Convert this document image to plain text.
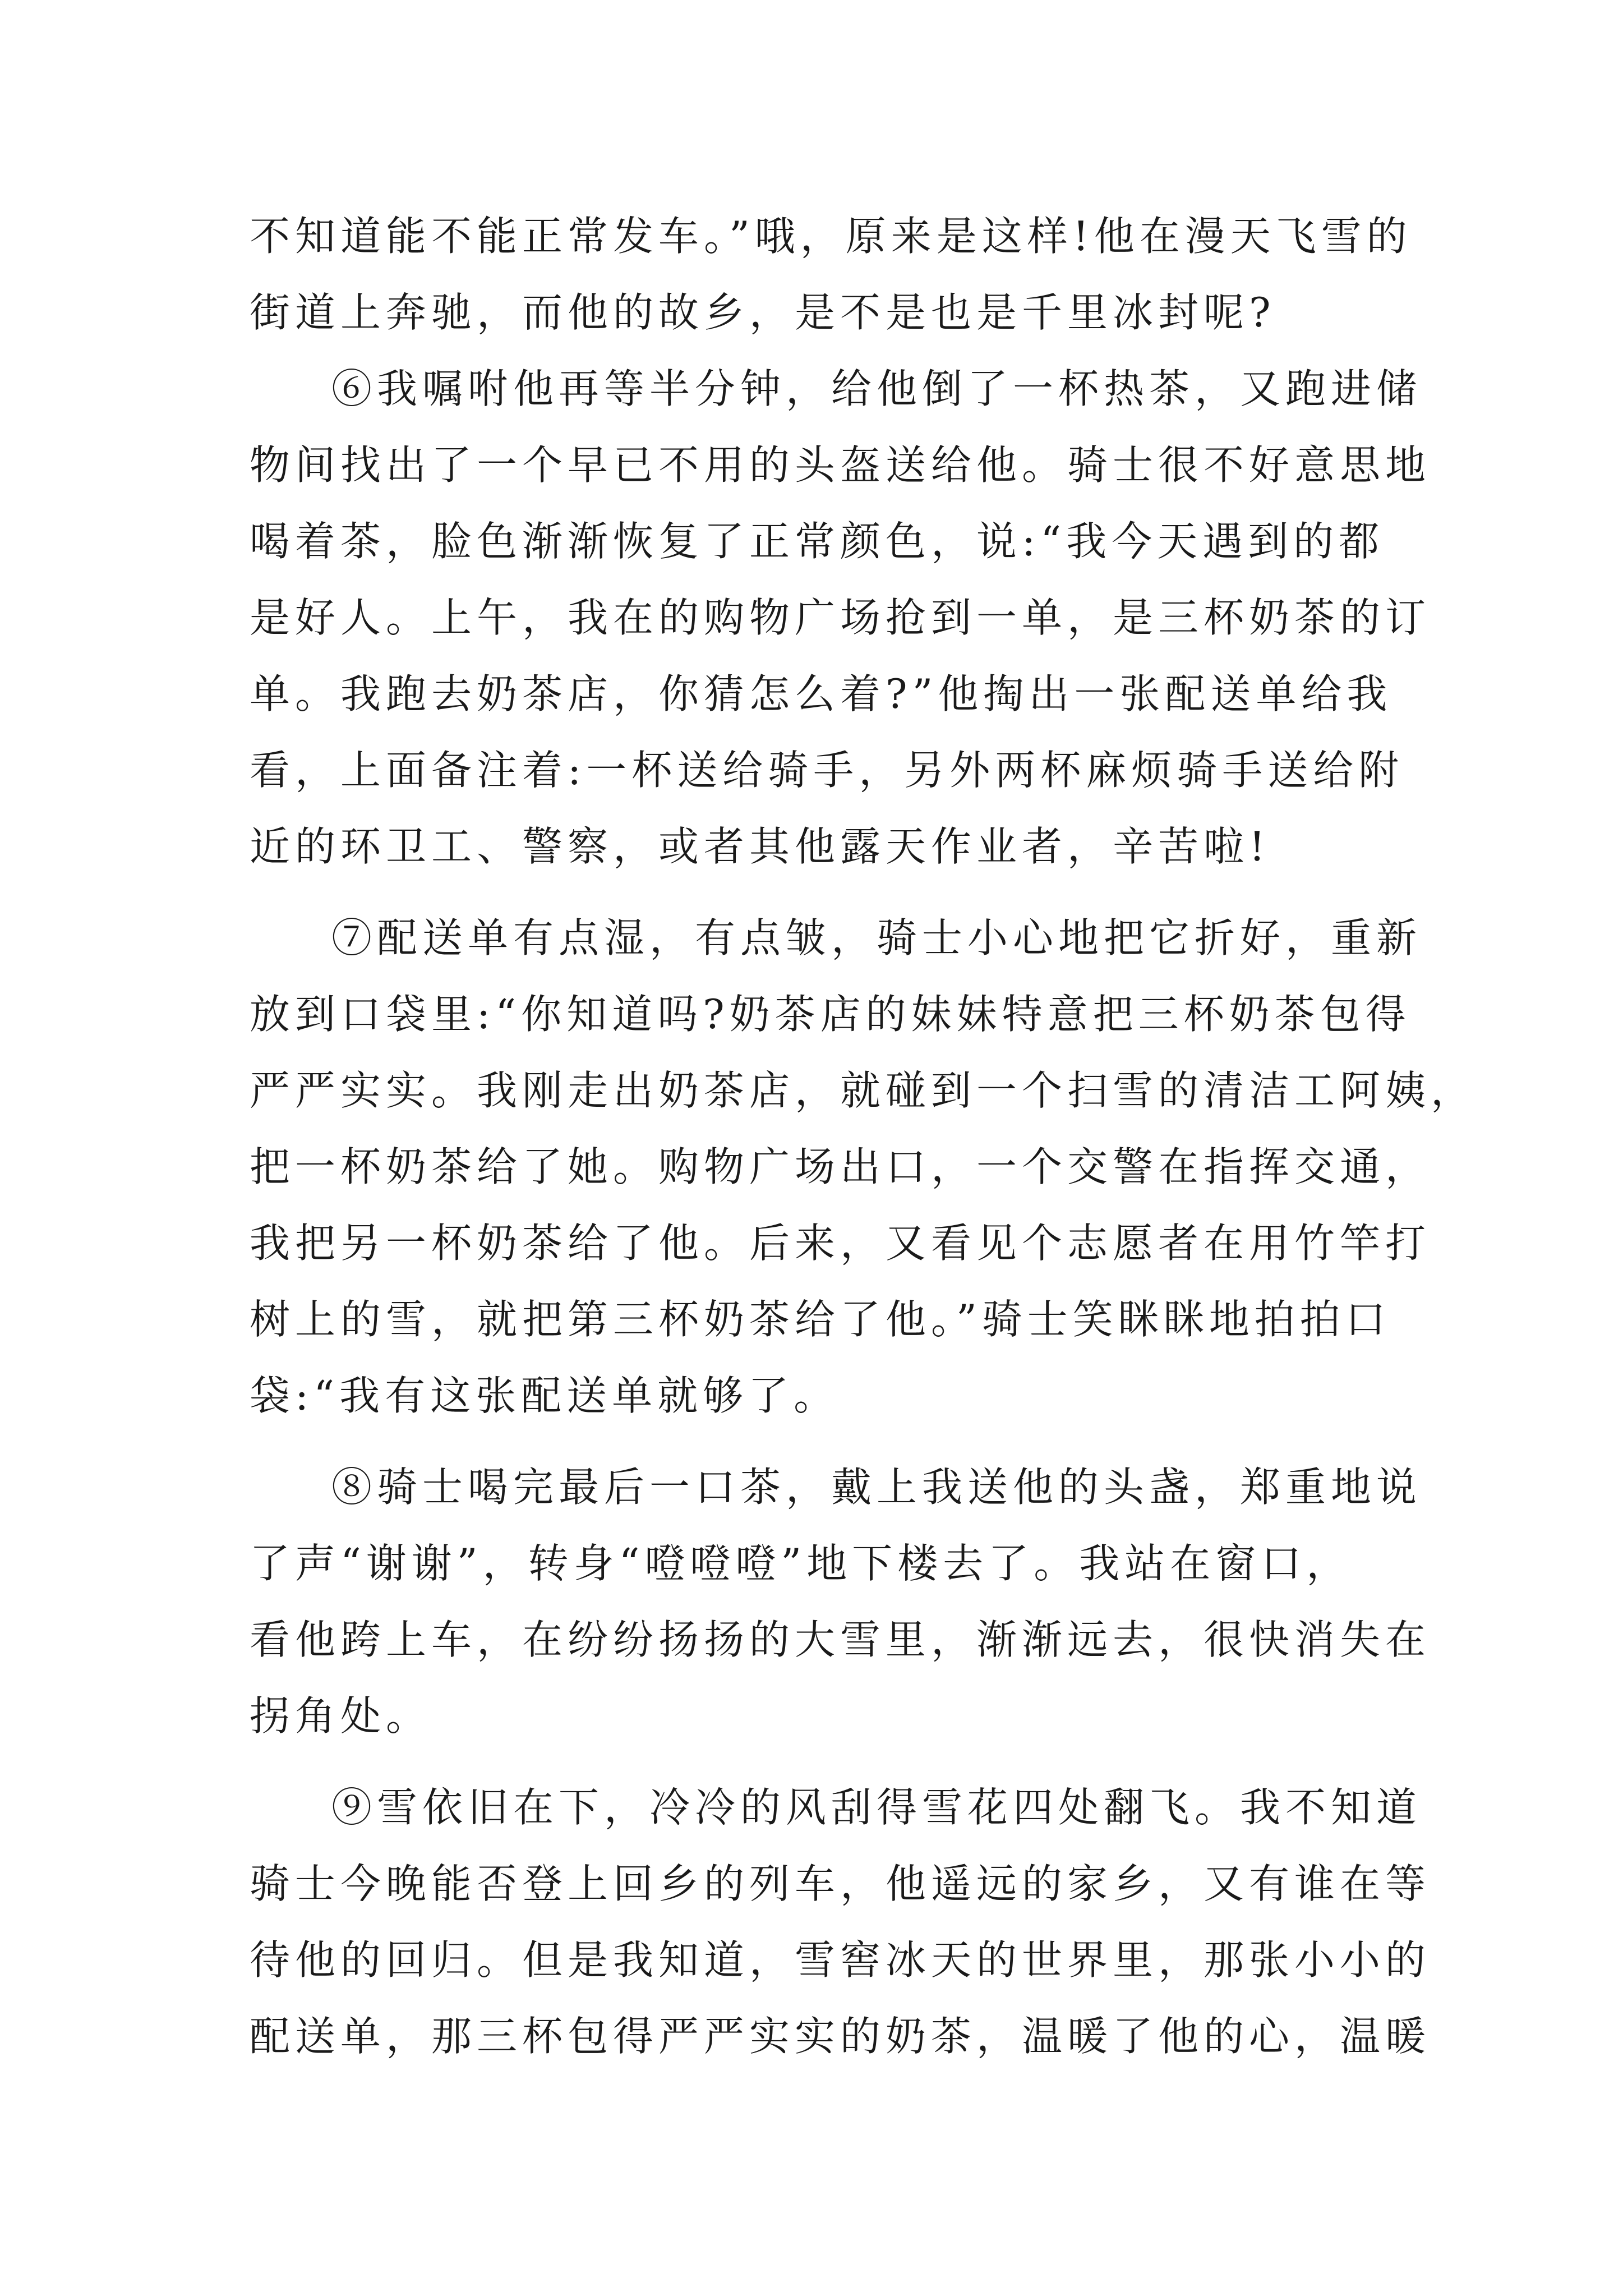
不知道能不能正常发车。”哦，原来是这样!他在漫天飞雪的
街道上奔驰，而他的故乡，是不是也是千里冰封呢?
⑥我嘱咐他再等半分钟，给他倒了一杯热茶，又跑进储
物间找出了一个早已不用的头盔送给他。骑士很不好意思地
喝着茶，脸色渐渐恢复了正常颜色，说:“我今天遇到的都
是好人。上午，我在的购物广场抢到一单，是三杯奶茶的订
单。我跑去奶茶店，你猜怎么着?”他掏出一张配送单给我
看，上面备注着:一杯送给骑手，另外两杯麻烦骑手送给附
近的环卫工、警察，或者其他露天作业者，辛苦啦!
⑦配送单有点湿，有点皱，骑士小心地把它折好，重新
放到口袋里:“你知道吗?奶茶店的妹妹特意把三杯奶茶包得
严严实实。我刚走出奶茶店，就碰到一个扫雪的清洁工阿姨，
把一杯奶茶给了她。购物广场出口，一个交警在指挥交通，
我把另一杯奶茶给了他。后来，又看见个志愿者在用竹竿打
树上的雪，就把第三杯奶茶给了他。”骑士笑眯眯地拍拍口
袋:“我有这张配送单就够了。
⑧骑士喝完最后一口茶，戴上我送他的头盏，郑重地说
了声“谢谢”，转身“噔噔噔”地下楼去了。我站在窗口，
看他跨上车，在纷纷扬扬的大雪里，渐渐远去，很快消失在
拐角处。
⑨雪依旧在下，冷冷的风刮得雪花四处翻飞。我不知道
骑士今晚能否登上回乡的列车，他遥远的家乡，又有谁在等
待他的回归。但是我知道，雪窖冰天的世界里，那张小小的
配送单，那三杯包得严严实实的奶茶，温暖了他的心，温暖
